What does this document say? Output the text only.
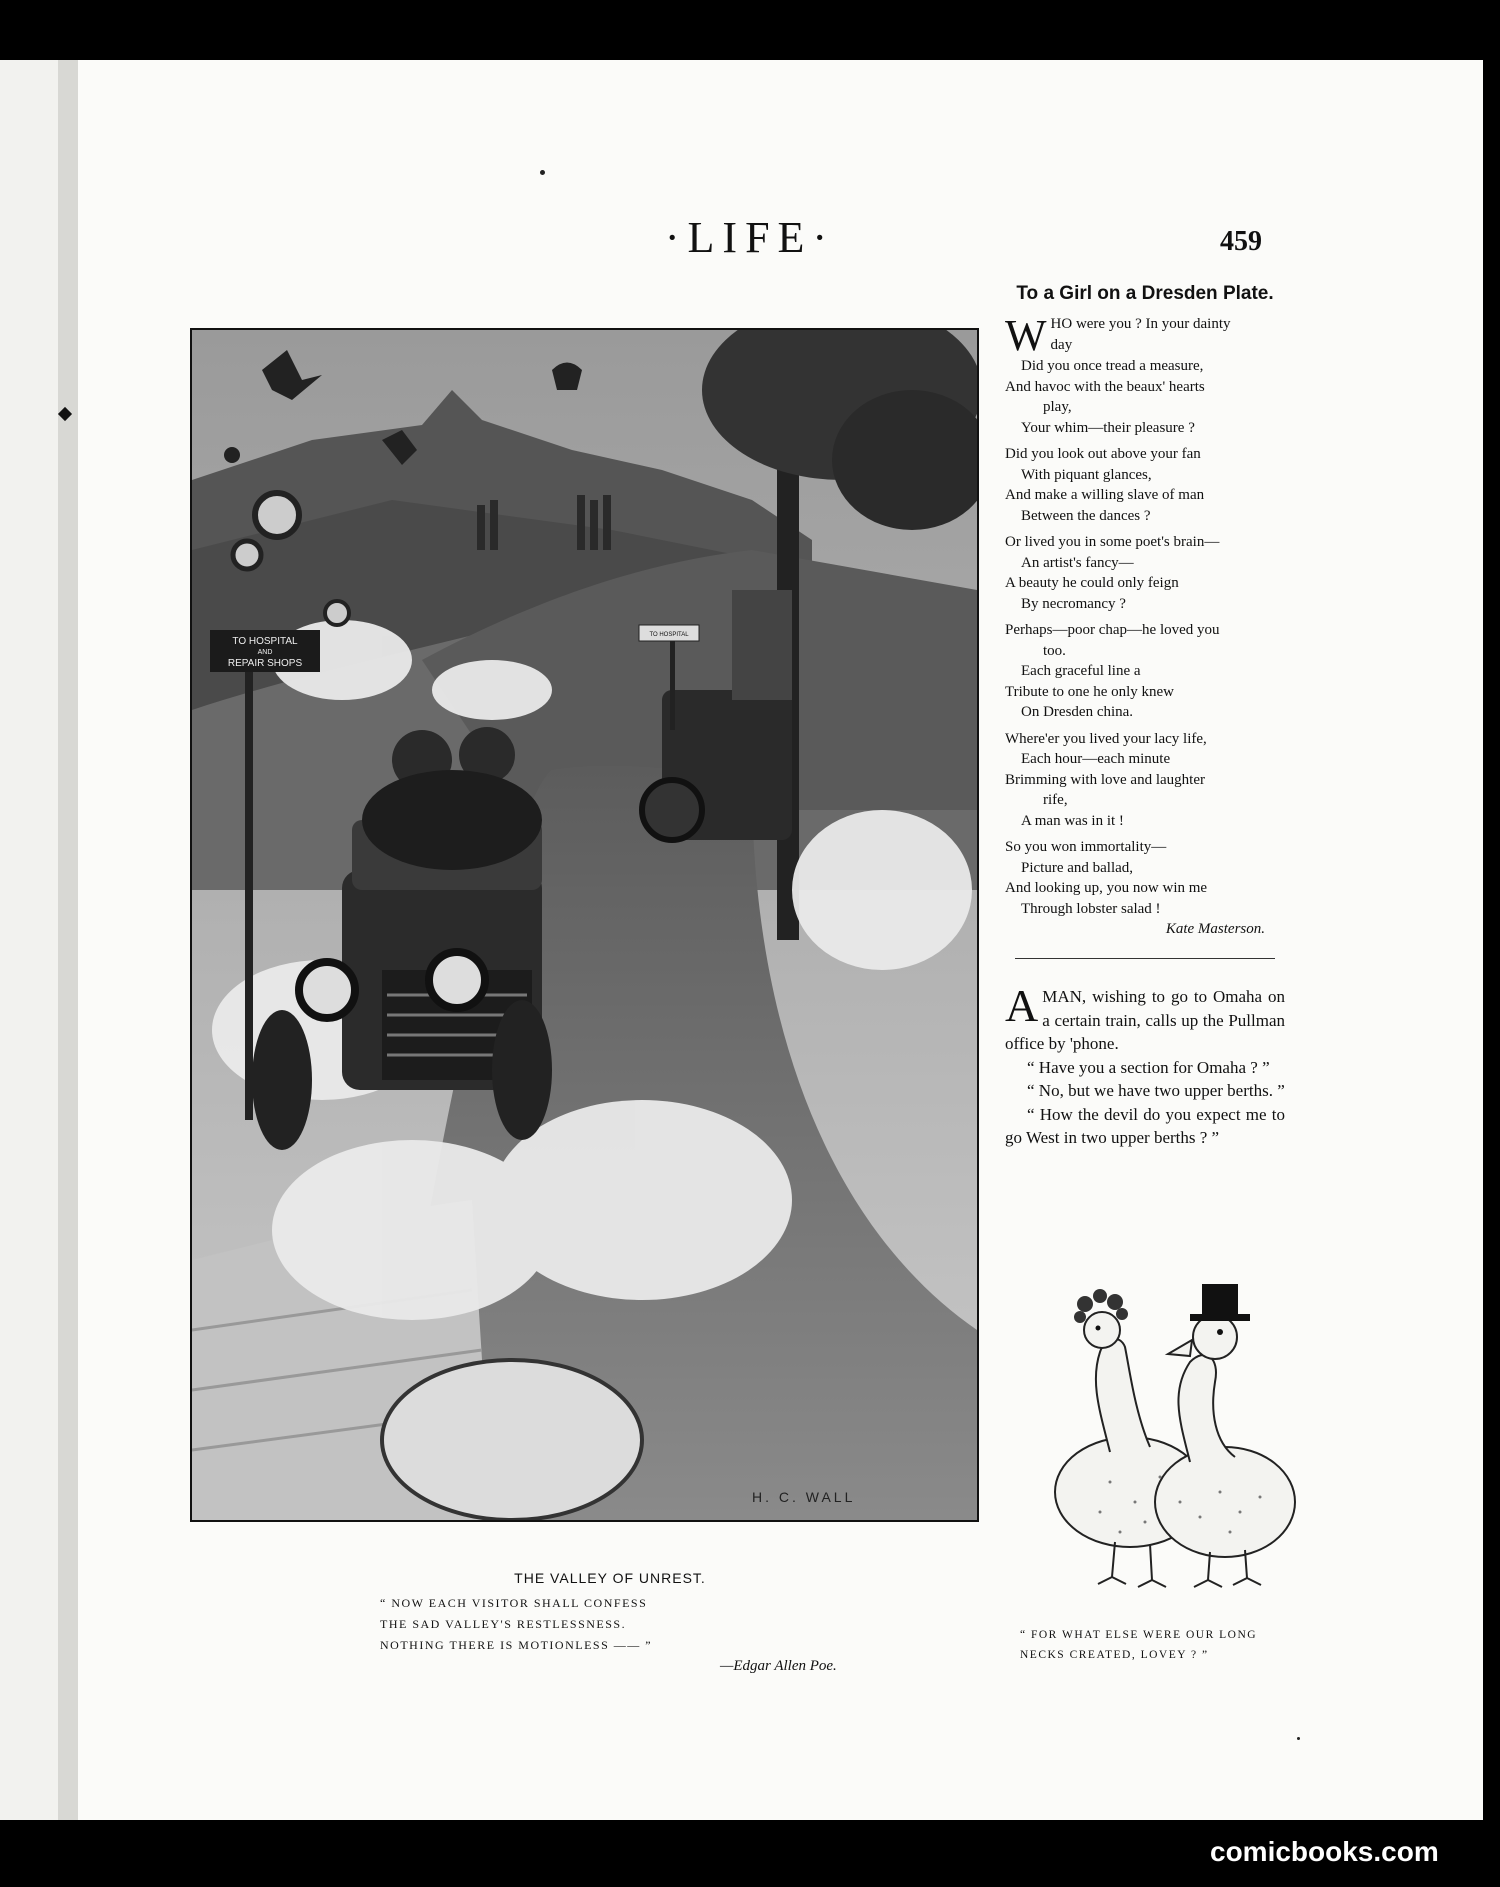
·LIFE·	459
TO HOSPITAL
AND
REPAIR SHOPS
TO HOSPITAL
H. C. WALL
THE VALLEY OF UNREST.
“ NOW EACH VISITOR SHALL CONFESS
THE SAD VALLEY'S RESTLESSNESS.
NOTHING THERE IS MOTIONLESS —— ”
—Edgar Allen Poe.
To a Girl on a Dresden Plate.
W HO were you ? In your dainty
day
Did you once tread a measure,
And havoc with the beaux' hearts
play,
Your whim—their pleasure ?
Did you look out above your fan
With piquant glances,
And make a willing slave of man
Between the dances ?
Or lived you in some poet's brain—
An artist's fancy—
A beauty he could only feign
By necromancy ?
Perhaps—poor chap—he loved you
too.
Each graceful line a
Tribute to one he only knew
On Dresden china.
Where'er you lived your lacy life,
Each hour—each minute
Brimming with love and laughter
rife,
A man was in it !
So you won immortality—
Picture and ballad,
And looking up, you now win me
Through lobster salad !
Kate Masterson.

AMAN, wishing to go to Omaha on a certain train, calls up the Pullman office by 'phone.

“ Have you a section for Omaha ? ”

“ No, but we have two upper berths. ”

“ How the devil do you expect me to go West in two upper berths ? ”

“ FOR WHAT ELSE WERE OUR LONG
NECKS CREATED, LOVEY ? ”
comicbooks.com
